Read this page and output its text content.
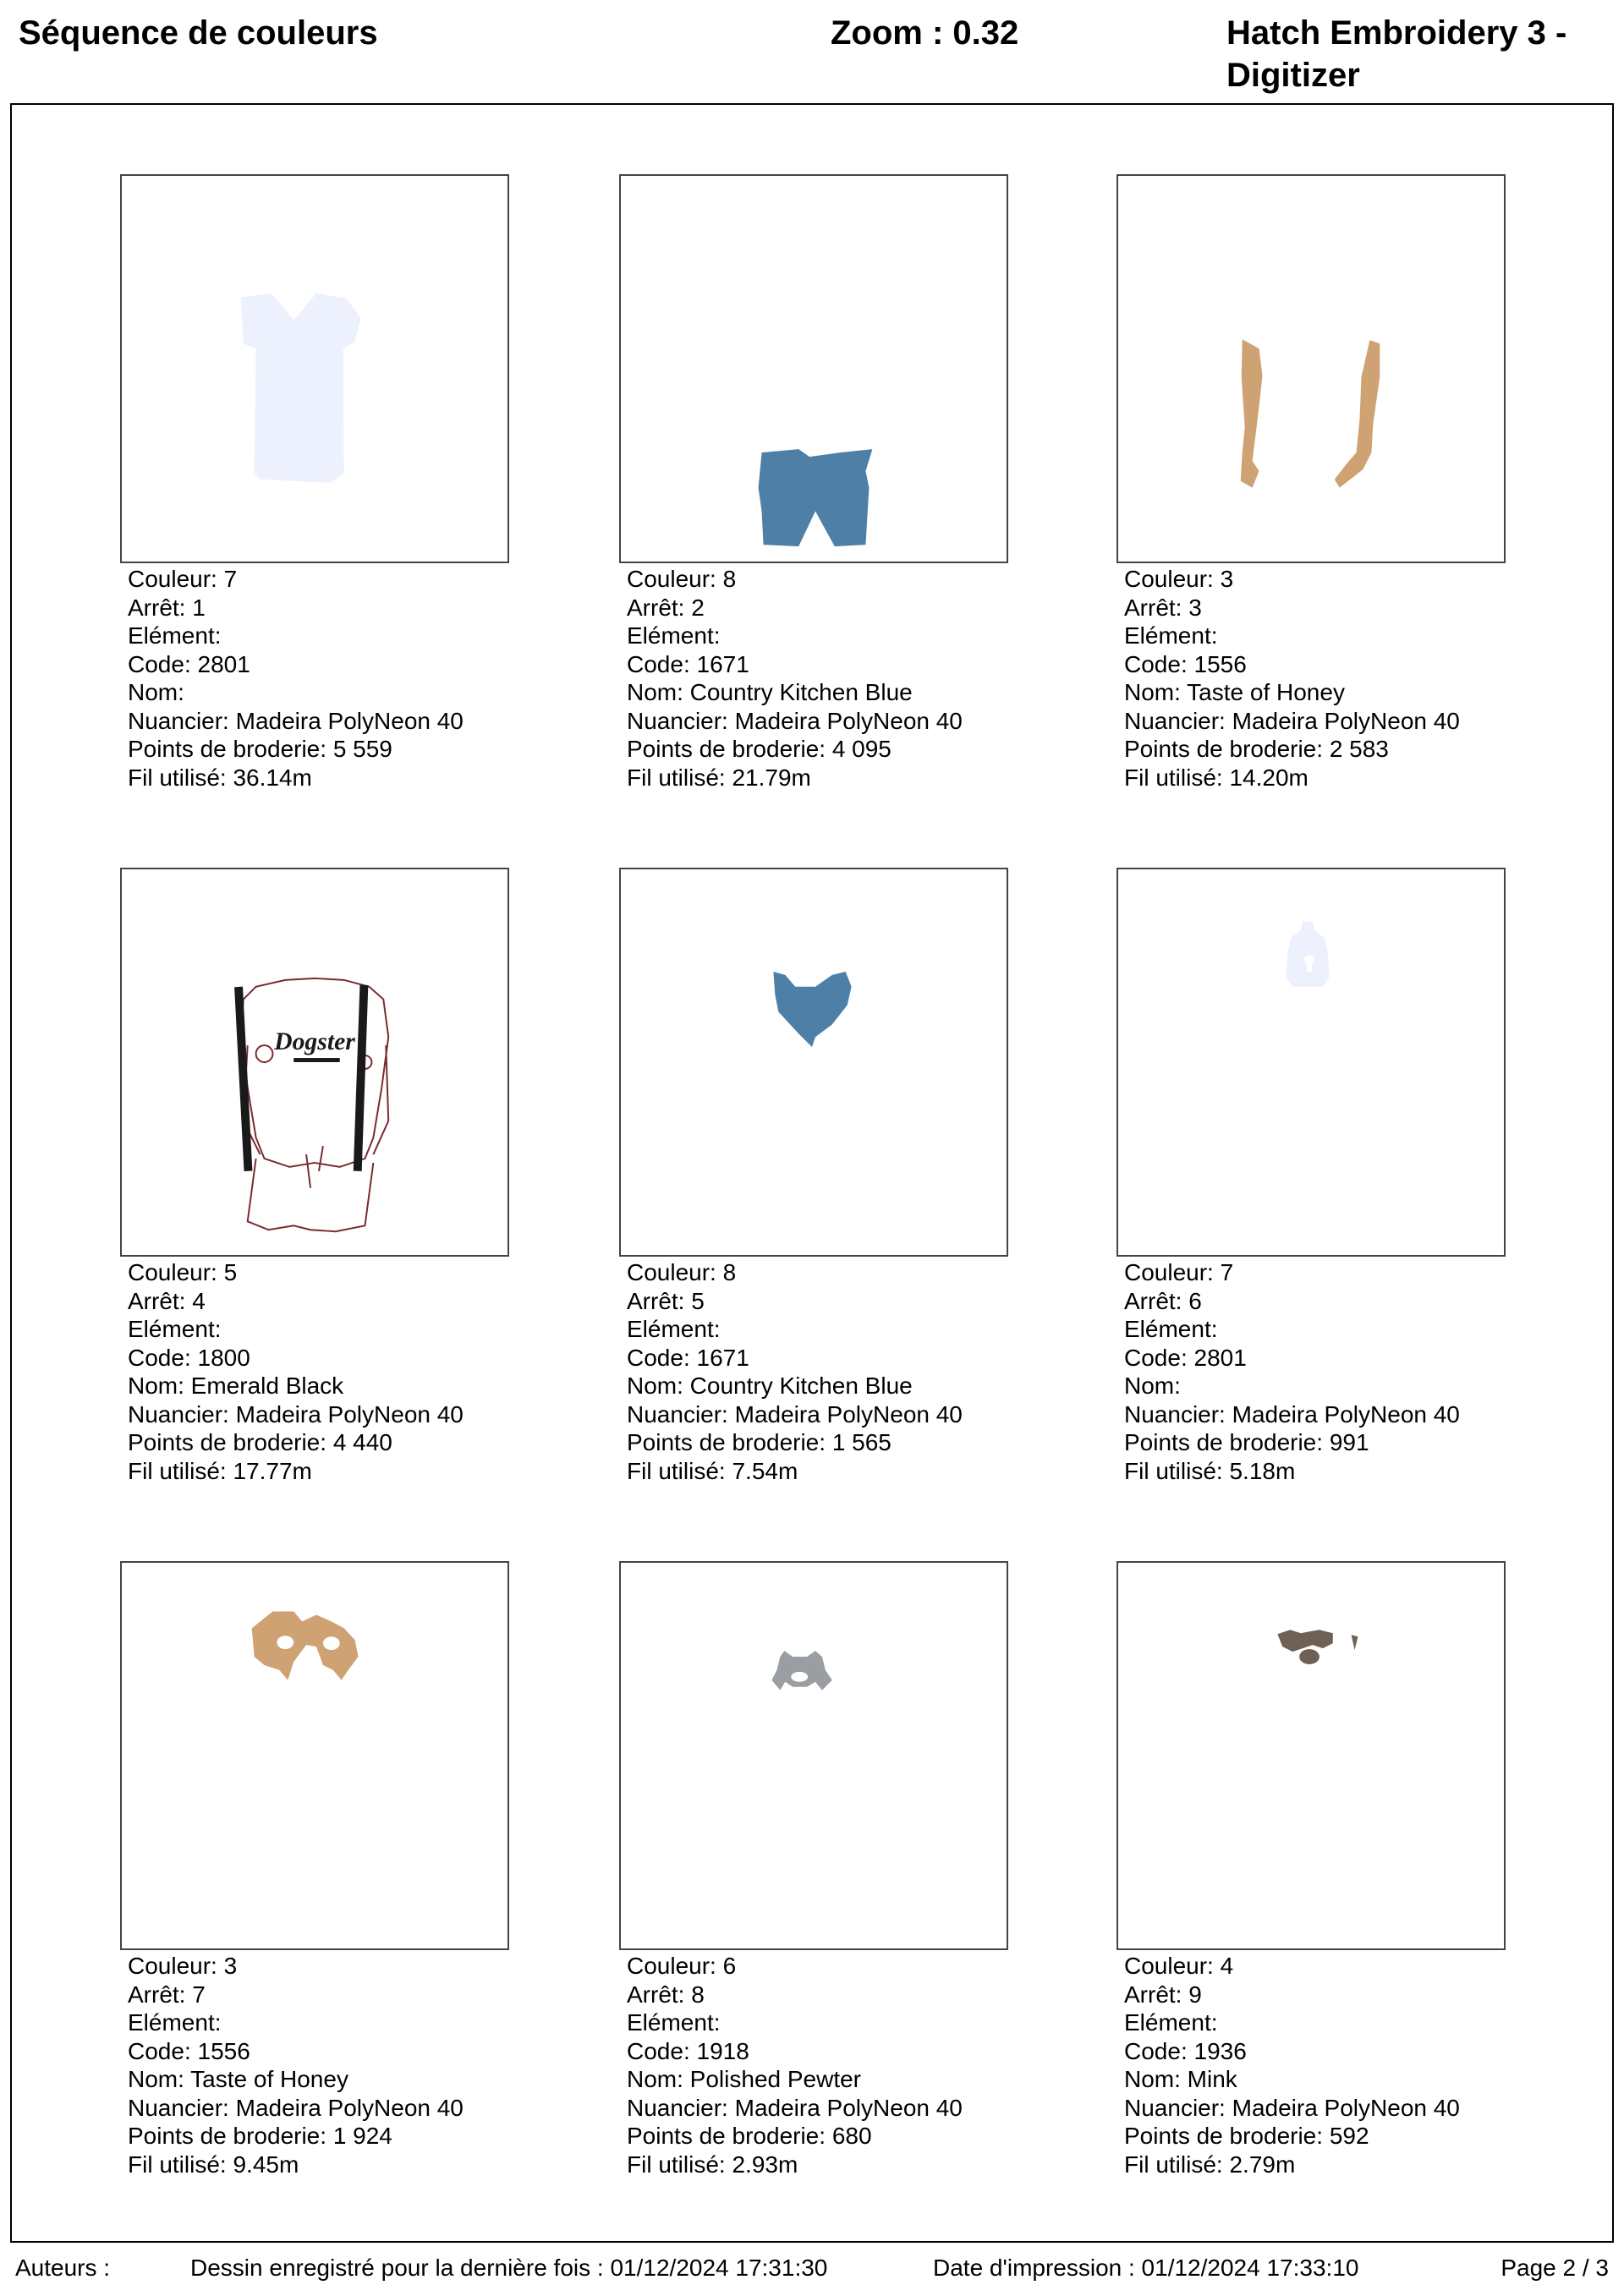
Séquence de couleurs	Zoom : 0.32	Hatch Embroidery 3 - Digitizer
Couleur: 7
Arrêt: 1
Elément:
Code: 2801
Nom:
Nuancier: Madeira PolyNeon 40
Points de broderie: 5 559
Fil utilisé: 36.14m
Couleur: 8
Arrêt: 2
Elément:
Code: 1671
Nom: Country Kitchen Blue
Nuancier: Madeira PolyNeon 40
Points de broderie: 4 095
Fil utilisé: 21.79m
Couleur: 3
Arrêt: 3
Elément:
Code: 1556
Nom: Taste of Honey
Nuancier: Madeira PolyNeon 40
Points de broderie: 2 583
Fil utilisé: 14.20m
Dogster
Couleur: 5
Arrêt: 4
Elément:
Code: 1800
Nom: Emerald Black
Nuancier: Madeira PolyNeon 40
Points de broderie: 4 440
Fil utilisé: 17.77m
Couleur: 8
Arrêt: 5
Elément:
Code: 1671
Nom: Country Kitchen Blue
Nuancier: Madeira PolyNeon 40
Points de broderie: 1 565
Fil utilisé: 7.54m
Couleur: 7
Arrêt: 6
Elément:
Code: 2801
Nom:
Nuancier: Madeira PolyNeon 40
Points de broderie: 991
Fil utilisé: 5.18m
Couleur: 3
Arrêt: 7
Elément:
Code: 1556
Nom: Taste of Honey
Nuancier: Madeira PolyNeon 40
Points de broderie: 1 924
Fil utilisé: 9.45m
Couleur: 6
Arrêt: 8
Elément:
Code: 1918
Nom: Polished Pewter
Nuancier: Madeira PolyNeon 40
Points de broderie: 680
Fil utilisé: 2.93m
Couleur: 4
Arrêt: 9
Elément:
Code: 1936
Nom: Mink
Nuancier: Madeira PolyNeon 40
Points de broderie: 592
Fil utilisé: 2.79m
Auteurs :	Dessin enregistré pour la dernière fois : 01/12/2024 17:31:30	Date d'impression : 01/12/2024 17:33:10	Page 2 / 3
